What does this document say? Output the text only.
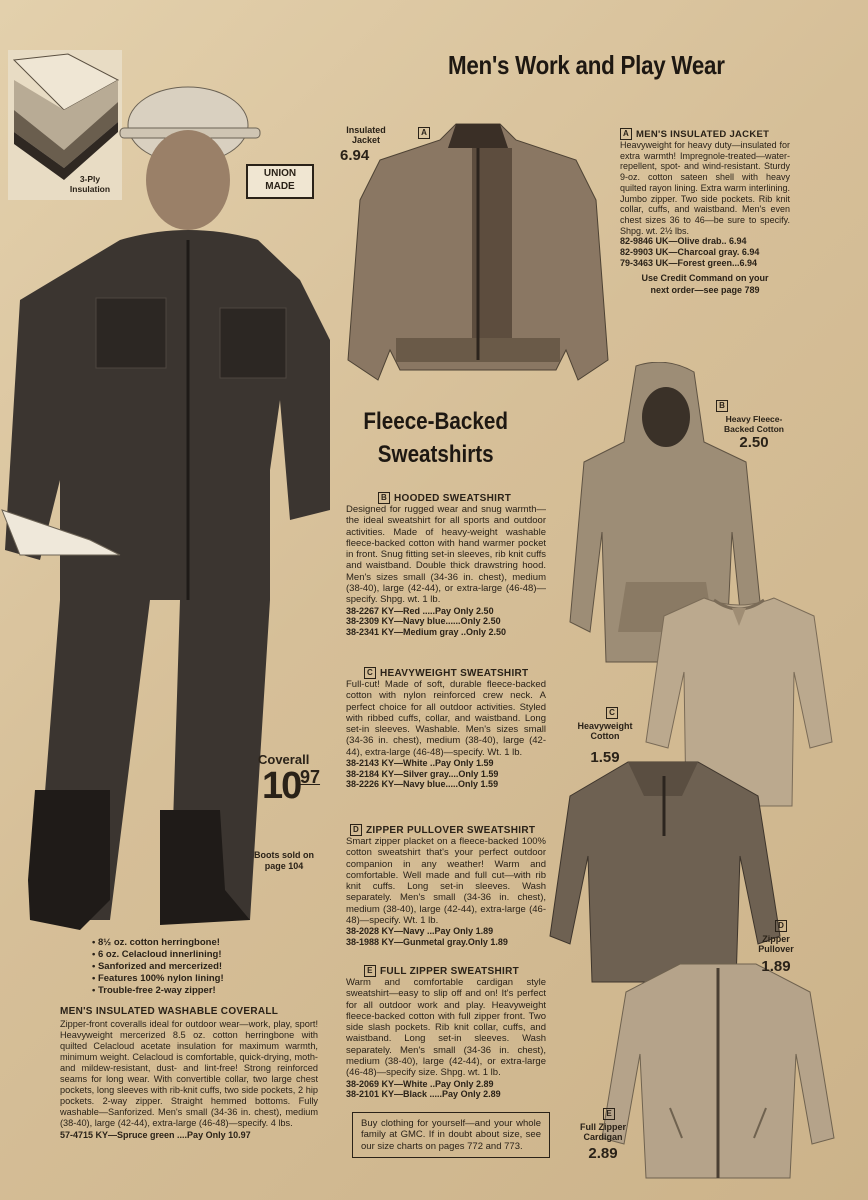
Men's Work and Play Wear
3-Ply
Insulation
UNION
MADE
Coverall
10 97
Boots sold on
page 104
• 8½ oz. cotton herringbone!
• 6 oz. Celacloud innerlining!
• Sanforized and mercerized!
• Features 100% nylon lining!
• Trouble-free 2-way zipper!
MEN'S INSULATED WASHABLE COVERALL
Zipper-front coveralls ideal for outdoor wear—work, play, sport! Heavyweight mercerized 8.5 oz. cotton herringbone with quilted Celacloud acetate insulation for maximum warmth, minimum weight. Celacloud is comfortable, quick-drying, moth- and mildew-resistant, dust- and lint-free! Strong reinforced seams for long wear. With convertible collar, two large chest pockets, long sleeves with rib-knit cuffs, two side pockets, 2 hip pockets. 2-way zipper. Straight hemmed bottoms. Fully washable—Sanforized. Men's small (34-36 in. chest), medium (38-40), large (42-44), extra-large (46-48)—specify. 4 lbs.
57-4715 KY—Spruce green ....Pay Only 10.97
Insulated
Jacket
A
6.94
A MEN'S INSULATED JACKET
Heavyweight for heavy duty—insulated for extra warmth! Impregnole-treated—water-repellent, spot- and wind-resistant. Sturdy 9-oz. cotton sateen shell with heavy quilted rayon lining. Extra warm interlining. Jumbo zipper. Two side pockets. Rib knit collar, cuffs, and waistband. Men's even chest sizes 36 to 46—be sure to specify. Shpg. wt. 2½ lbs.
82-9846 UK—Olive drab.. 6.94
82-9903 UK—Charcoal gray. 6.94
79-3463 UK—Forest green...6.94
Use Credit Command on your
next order—see page 789
Fleece-Backed
Sweatshirts
B HOODED SWEATSHIRT
Designed for rugged wear and snug warmth—the ideal sweatshirt for all sports and outdoor activities. Made of heavy-weight washable fleece-backed cotton with hand warmer pocket in front. Snug fitting set-in sleeves, rib knit cuffs and waistband. Double thick drawstring hood. Men's sizes small (34-36 in. chest), medium (38-40), large (42-44), or extra-large (46-48)—specify. Shpg. wt. 1 lb.
38-2267 KY—Red .....Pay Only 2.50
38-2309 KY—Navy blue......Only 2.50
38-2341 KY—Medium gray ..Only 2.50
C HEAVYWEIGHT SWEATSHIRT
Full-cut! Made of soft, durable fleece-backed cotton with nylon reinforced crew neck. A perfect choice for all outdoor activities. Styled with ribbed cuffs, collar, and waistband. Long set-in sleeves. Washable. Men's sizes small (34-36 in. chest), medium (38-40), large (42-44), extra-large (46-48)—specify. Wt. 1 lb.
38-2143 KY—White ..Pay Only 1.59
38-2184 KY—Silver gray....Only 1.59
38-2226 KY—Navy blue.....Only 1.59
D ZIPPER PULLOVER SWEATSHIRT
Smart zipper placket on a fleece-backed 100% cotton sweatshirt that's your perfect outdoor companion in any weather! Warm and comfortable. Well made and full cut—with rib knit cuffs. Long set-in sleeves. Wash separately. Men's small (34-36 in. chest), medium (38-40), large (42-44), extra-large (46-48)—specify. Wt. 1 lb.
38-2028 KY—Navy ...Pay Only 1.89
38-1988 KY—Gunmetal gray.Only 1.89
E FULL ZIPPER SWEATSHIRT
Warm and comfortable cardigan style sweatshirt—easy to slip off and on! It's perfect for all outdoor work and play. Heavyweight fleece-backed cotton with full zipper front. Two side slash pockets. Rib knit collar, cuffs, and waistband. Long set-in sleeves. Wash separately. Men's small (34-36 in. chest), medium (38-40), large (42-44), or extra-large (46-48)—specify size. Shpg. wt. 1 lb.
38-2069 KY—White ..Pay Only 2.89
38-2101 KY—Black .....Pay Only 2.89
Buy clothing for yourself—and your whole family at GMC. If in doubt about size, see our size charts on pages 772 and 773.
B
Heavy Fleece-
Backed Cotton
2.50
C
Heavyweight
Cotton
1.59
D
Zipper
Pullover
1.89
E
Full Zipper
Cardigan
2.89
